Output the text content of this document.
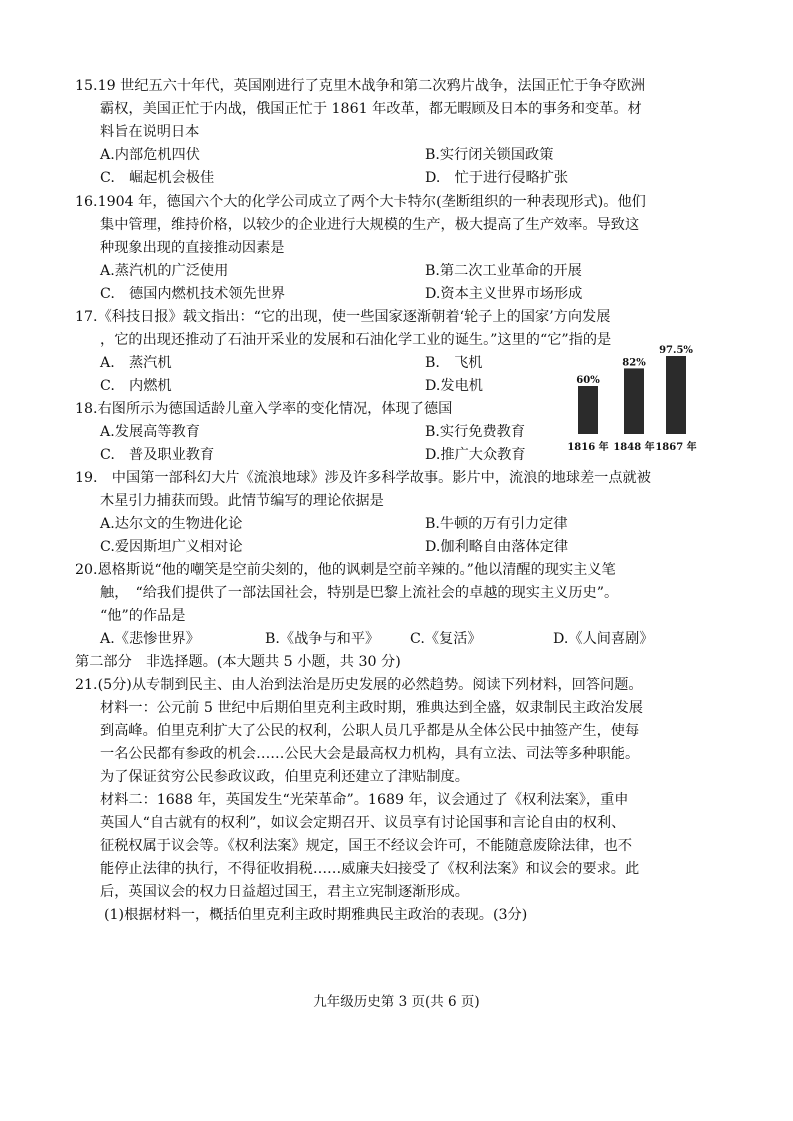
15.19 世纪五六十年代，英国刚进行了克里木战争和第二次鸦片战争，法国正忙于争夺欧洲
霸权，美国正忙于内战，俄国正忙于 1861 年改革，都无暇顾及日本的事务和变革。材
料旨在说明日本
A.内部危机四伏	B.实行闭关锁国政策
C.　崛起机会极佳	D.　忙于进行侵略扩张
16.1904 年，德国六个大的化学公司成立了两个大卡特尔(垄断组织的一种表现形式)。他们
集中管理，维持价格，以较少的企业进行大规模的生产，极大提高了生产效率。导致这
种现象出现的直接推动因素是
A.蒸汽机的广泛使用	B.第二次工业革命的开展
C.　德国内燃机技术领先世界	D.资本主义世界市场形成
17.《科技日报》载文指出：“它的出现，使一些国家逐渐朝着‘轮子上的国家’方向发展
，它的出现还推动了石油开采业的发展和石油化学工业的诞生。”这里的“它”指的是
A.　蒸汽机	B.　飞机
C.　内燃机	D.发电机
18.右图所示为德国适龄儿童入学率的变化情况，体现了德国
A.发展高等教育	B.实行免费教育
C.　普及职业教育	D.推广大众教育
60%
1816 年
82%
1848 年
97.5%
1867 年
19.　中国第一部科幻大片《流浪地球》涉及许多科学故事。影片中，流浪的地球差一点就被
木星引力捕获而毁。此情节编写的理论依据是
A.达尔文的生物进化论	B.牛顿的万有引力定律
C.爱因斯坦广义相对论	D.伽利略自由落体定律
20.恩格斯说“他的嘲笑是空前尖刻的，他的讽刺是空前辛辣的。”他以清醒的现实主义笔
触，　“给我们提供了一部法国社会，特别是巴黎上流社会的卓越的现实主义历史”。
“他”的作品是
A.《悲惨世界》	B.《战争与和平》 C.《复活》	D.《人间喜剧》
第二部分　非选择题。(本大题共 5 小题，共 30 分)
21.(5分)从专制到民主、由人治到法治是历史发展的必然趋势。阅读下列材料，回答问题。
材料一：公元前 5 世纪中后期伯里克利主政时期，雅典达到全盛，奴隶制民主政治发展
到高峰。伯里克利扩大了公民的权利，公职人员几乎都是从全体公民中抽签产生，使每
一名公民都有参政的机会……公民大会是最高权力机构，具有立法、司法等多种职能。
为了保证贫穷公民参政议政，伯里克利还建立了津贴制度。
材料二：1688 年，英国发生“光荣革命”。1689 年，议会通过了《权利法案》，重申
英国人“自古就有的权利”，如议会定期召开、议员享有讨论国事和言论自由的权利、
征税权属于议会等。《权利法案》规定，国王不经议会许可，不能随意废除法律，也不
能停止法律的执行，不得征收捐税……威廉夫妇接受了《权利法案》和议会的要求。此
后，英国议会的权力日益超过国王，君主立宪制逐渐形成。
(1)根据材料一，概括伯里克利主政时期雅典民主政治的表现。(3分)
九年级历史第 3 页(共 6 页)
